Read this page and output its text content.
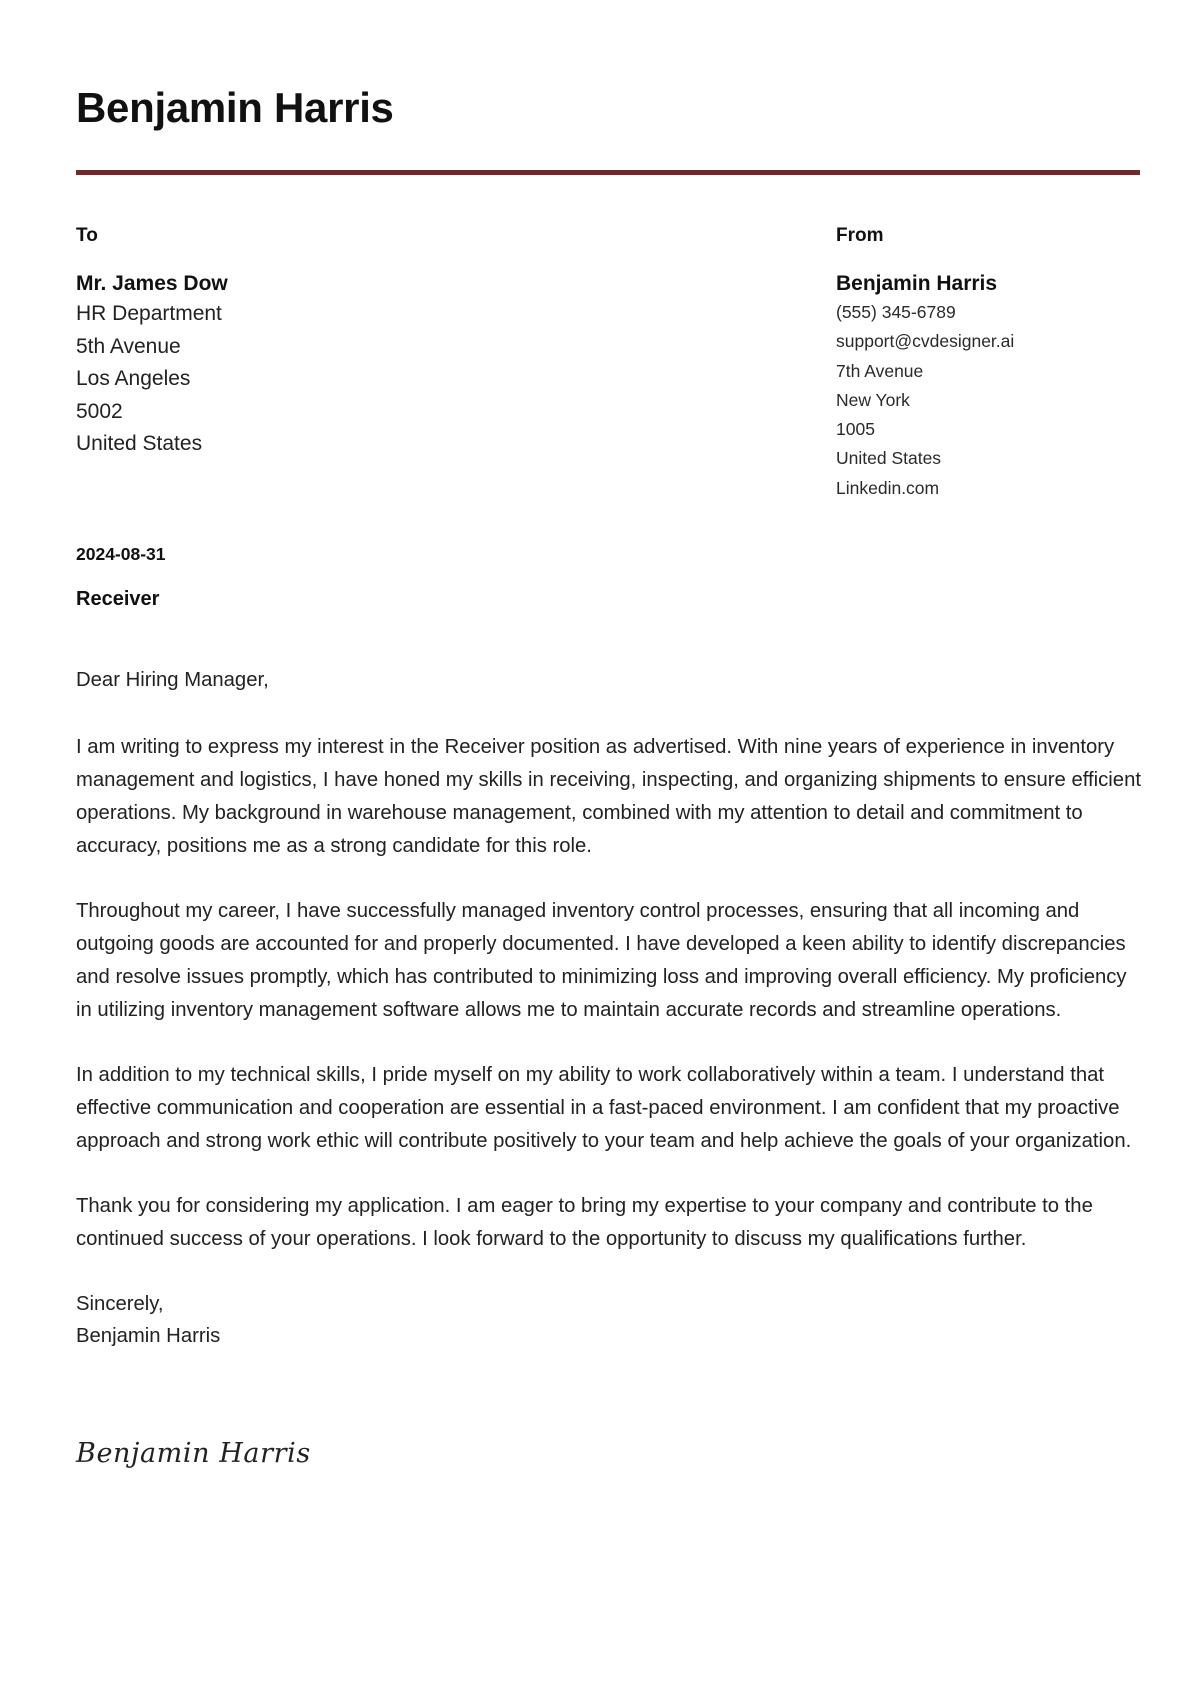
Benjamin Harris
To
Mr. James Dow
HR Department
5th Avenue
Los Angeles
5002
United States
From
Benjamin Harris
(555) 345-6789
support@cvdesigner.ai
7th Avenue
New York
1005
United States
Linkedin.com
2024-08-31
Receiver

Dear Hiring Manager,

I am writing to express my interest in the Receiver position as advertised. With nine years of experience in inventory management and logistics, I have honed my skills in receiving, inspecting, and organizing shipments to ensure efficient operations. My background in warehouse management, combined with my attention to detail and commitment to accuracy, positions me as a strong candidate for this role.

Throughout my career, I have successfully managed inventory control processes, ensuring that all incoming and outgoing goods are accounted for and properly documented. I have developed a keen ability to identify discrepancies and resolve issues promptly, which has contributed to minimizing loss and improving overall efficiency. My proficiency in utilizing inventory management software allows me to maintain accurate records and streamline operations.

In addition to my technical skills, I pride myself on my ability to work collaboratively within a team. I understand that effective communication and cooperation are essential in a fast-paced environment. I am confident that my proactive approach and strong work ethic will contribute positively to your team and help achieve the goals of your organization.

Thank you for considering my application. I am eager to bring my expertise to your company and contribute to the continued success of your operations. I look forward to the opportunity to discuss my qualifications further.

Sincerely,
Benjamin Harris
Benjamin Harris
